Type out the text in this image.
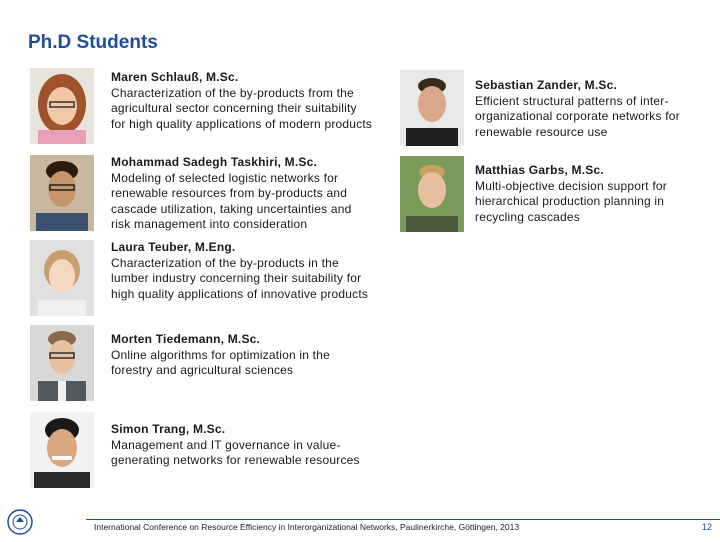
Ph.D Students
Maren Schlauß, M.Sc.
Characterization of the by-products from the agricultural sector concerning their suitability for high quality applications of modern products
Mohammad Sadegh Taskhiri, M.Sc.
Modeling of selected logistic networks for renewable resources from by-products and cascade utilization, taking uncertainties and risk management into consideration
Laura Teuber, M.Eng.
Characterization of the by-products in the lumber industry concerning their suitability for high quality applications of innovative products
Morten Tiedemann, M.Sc.
Online algorithms for optimization in the forestry and agricultural sciences
Simon Trang, M.Sc.
Management and IT governance in value-generating networks for renewable resources
Sebastian Zander, M.Sc.
Efficient structural patterns of inter-organizational corporate networks for renewable resource use
Matthias Garbs, M.Sc.
Multi-objective decision support for hierarchical production planning in recycling cascades
International Conference on Resource Efficiency in Interorganizational Networks, Paulinerkirche, Göttingen, 2013	12
